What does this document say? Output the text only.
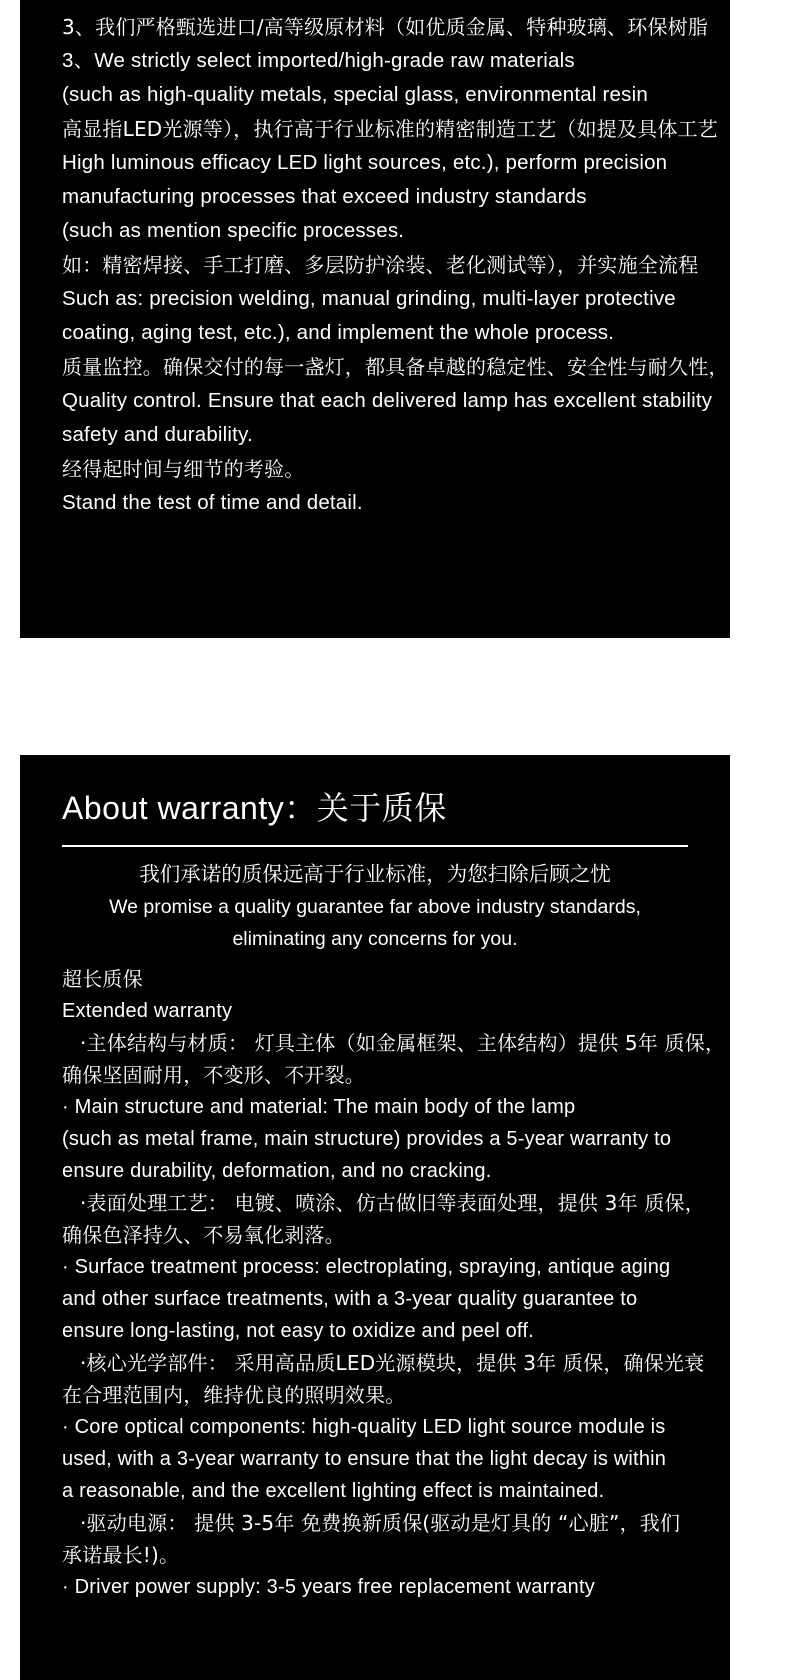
3、我们严格甄选进口/高等级原材料（如优质金属、特种玻璃、环保树脂
3、We strictly select imported/high-grade raw materials
(such as high-quality metals, special glass, environmental resin
高显指LED光源等），执行高于行业标准的精密制造工艺（如提及具体工艺
High luminous efficacy LED light sources, etc.), perform precision
manufacturing processes that exceed industry standards
(such as mention specific processes.
如：精密焊接、手工打磨、多层防护涂装、老化测试等），并实施全流程
Such as: precision welding, manual grinding, multi-layer protective
coating, aging test, etc.), and implement the whole process.
质量监控。确保交付的每一盏灯，都具备卓越的稳定性、安全性与耐久性，
Quality control. Ensure that each delivered lamp has excellent stability
safety and durability.
经得起时间与细节的考验。
Stand the test of time and detail.
About warranty：关于质保
我们承诺的质保远高于行业标准，为您扫除后顾之忧
We promise a quality guarantee far above industry standards,
eliminating any concerns for you.
超长质保
Extended warranty
·主体结构与材质： 灯具主体（如金属框架、主体结构）提供 5年 质保，
确保坚固耐用，不变形、不开裂。
· Main structure and material: The main body of the lamp
(such as metal frame, main structure) provides a 5-year warranty to
ensure durability, deformation, and no cracking.
·表面处理工艺： 电镀、喷涂、仿古做旧等表面处理，提供 3年 质保，
确保色泽持久、不易氧化剥落。
· Surface treatment process: electroplating, spraying, antique aging
and other surface treatments, with a 3-year quality guarantee to
ensure long-lasting, not easy to oxidize and peel off.
·核心光学部件： 采用高品质LED光源模块，提供 3年 质保，确保光衰
在合理范围内，维持优良的照明效果。
· Core optical components: high-quality LED light source module is
used, with a 3-year warranty to ensure that the light decay is within
a reasonable, and the excellent lighting effect is maintained.
·驱动电源： 提供 3-5年 免费换新质保(驱动是灯具的 “心脏”，我们
承诺最长!)。
· Driver power supply: 3-5 years free replacement warranty
